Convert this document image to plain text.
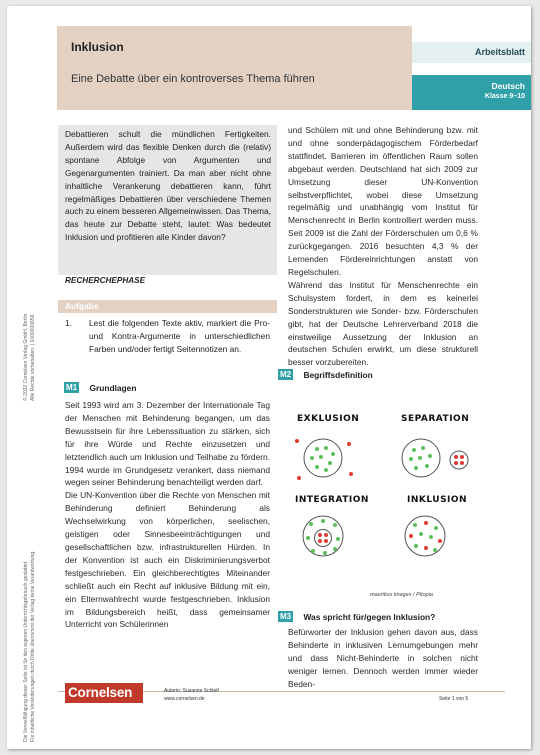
Inklusion
Eine Debatte über ein kontroverses Thema führen
Arbeitsblatt
Deutsch
Klasse 9–10
© 2022 Cornelsen Verlag GmbH, Berlin Alle Rechte vorbehalten. | 1000000656
Die Vervielfältigung dieser Seite ist für den eigenen Unterrichtsgebrauch gestattet. Für inhaltliche Veränderungen durch Dritte übernimmt der Verlag keine Verantwortung.
Debattieren schult die mündlichen Fertigkeiten. Außerdem wird das flexible Denken durch die (relativ) spontane Abfolge von Argumenten und Gegenargumenten trainiert. Da man aber nicht ohne inhaltliche Verankerung debattieren kann, führt regelmäßiges Debattieren über verschiedene Themen auch zu einem besseren Allgemeinwissen. Das Thema, das heute zur Debatte steht, lautet: Was bedeutet Inklusion und profitieren alle Kinder davon?
RECHERCHEPHASE
Aufgabe
1. Lest die folgenden Texte aktiv, markiert die Pro- und Kontra-Argumente in unterschiedlichen Farben und/oder fertigt Seitennotizen an.
M1 Grundlagen

Seit 1993 wird am 3. Dezember der Internationale Tag der Menschen mit Behinderung begangen, um das Bewusstsein für ihre Lebenssituation zu stärken, sich für ihre Würde und Rechte einzusetzen und letztendlich auch um Inklusion und Teilhabe zu fördern. 1994 wurde im Grundgesetz verankert, dass niemand wegen seiner Behinderung benachteiligt werden darf.

Die UN-Konvention über die Rechte von Menschen mit Behinderung definiert Behinderung als Wechselwirkung von körperlichen, seelischen, geistigen oder Sinnesbeeinträchtigungen und gesellschaftlichen bzw. infrastrukturellen Hürden. In der Konvention ist auch ein Diskriminierungsverbot festgeschrieben. Ein gleichberechtigtes Miteinander schließt auch ein Recht auf inklusive Bildung mit ein, ein Elternwahlrecht wurde festgeschrieben. Inklusion im Bildungsbereich heißt, dass gemeinsamer Unterricht von Schülerinnen

und Schülern mit und ohne Behinderung bzw. mit und ohne sonderpädagogischem Förderbedarf stattfindet. Barrieren im öffentlichen Raum sollen abgebaut werden. Deutschland hat sich 2009 zur Umsetzung dieser UN-Konvention selbstverpflichtet, wobei diese Umsetzung regelmäßig und unabhängig vom Institut für Menschenrecht in Berlin kontrolliert werden muss. Seit 2009 ist die Zahl der Förderschulen um 0,6 % zurückgegangen. 2016 besuchten 4,3 % der Lernenden Fördereinrichtungen anstatt von Regelschulen.

Während das Institut für Menschenrechte ein Schulsystem fordert, in dem es keinerlei Sonderstrukturen wie Sonder- bzw. Förderschulen gibt, hat der Deutsche Lehrerverband 2018 die einstweilige Aussetzung der Inklusion an deutschen Schulen erwirkt, um diese strukturell besser vorzubereiten.

M2 Begriffsdefinition
EXKLUSION	SEPARATION
INTEGRATION	INKLUSION
mauritius images / Pitopia
M3 Was spricht für/gegen Inklusion?

Befürworter der Inklusion gehen davon aus, dass Behinderte in inklusiven Lernumgebungen mehr und dass Nicht-Behinderte in solchen nicht weniger lernen. Dennoch werden immer wieder Beden-

Cornelsen	Autorin: Susanne Schleif
www.cornelsen.de	Seite 1 von 5
